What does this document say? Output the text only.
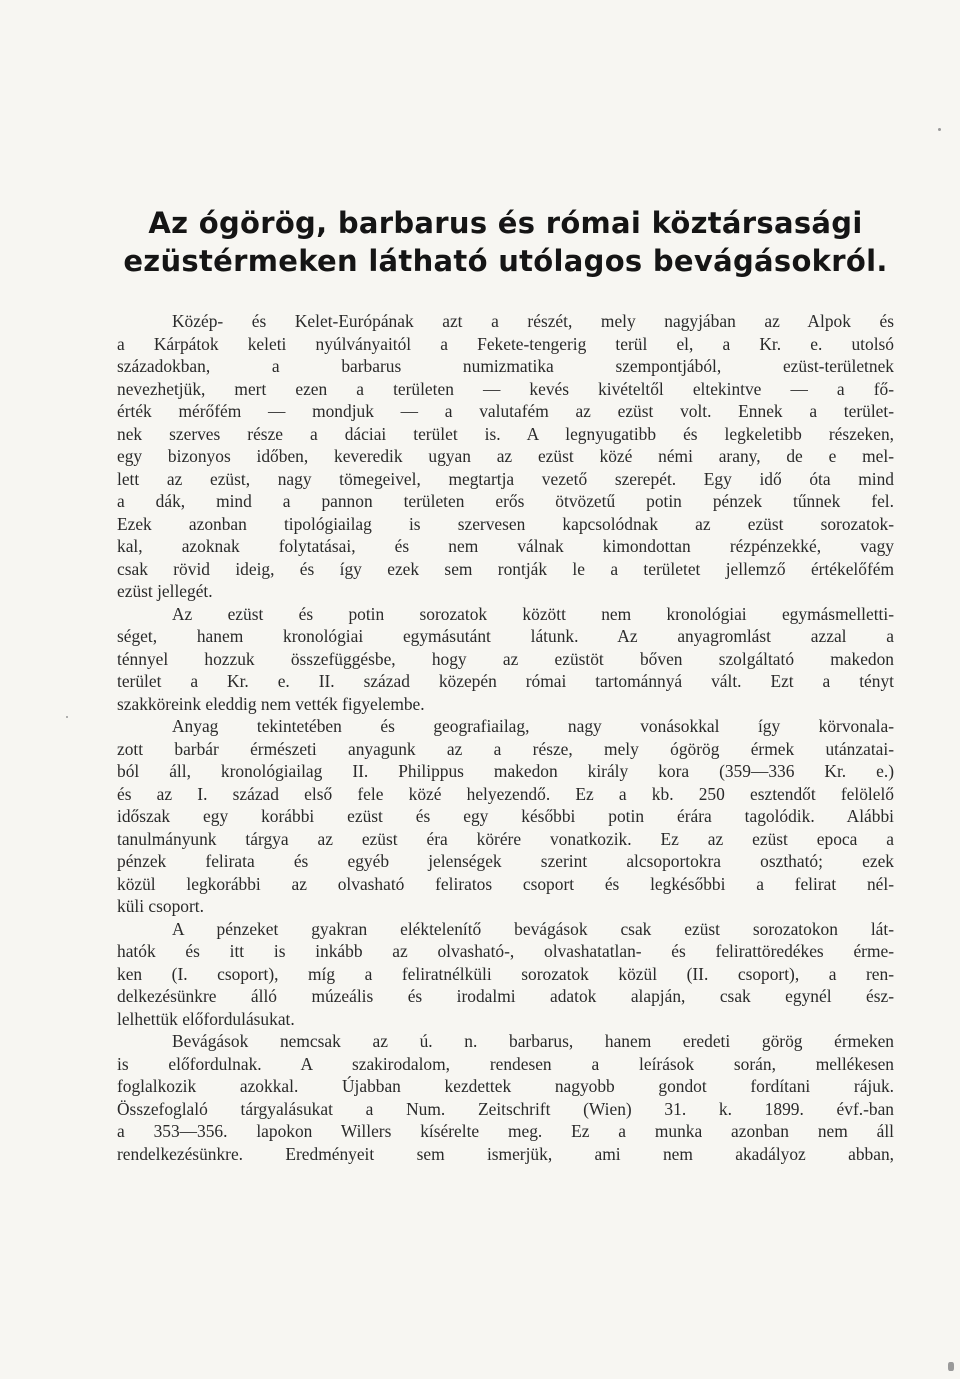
Az ógörög, barbarus és római köztársasági
ezüstérmeken látható utólagos bevágásokról.
Közép- és Kelet-Európának azt a részét, mely nagyjában az Alpok és
a Kárpátok keleti nyúlványaitól a Fekete-tengerig terül el, a Kr. e. utolsó
századokban, a barbarus numizmatika szempontjából, ezüst-területnek
nevezhetjük, mert ezen a területen — kevés kivételtől eltekintve — a fő-
érték mérőfém — mondjuk — a valutafém az ezüst volt. Ennek a terület-
nek szerves része a dáciai terület is. A legnyugatibb és legkeletibb részeken,
egy bizonyos időben, keveredik ugyan az ezüst közé némi arany, de e mel-
lett az ezüst, nagy tömegeivel, megtartja vezető szerepét. Egy idő óta mind
a dák, mind a pannon területen erős ötvözetű potin pénzek tűnnek fel.
Ezek azonban tipológiailag is szervesen kapcsolódnak az ezüst sorozatok-
kal, azoknak folytatásai, és nem válnak kimondottan rézpénzekké, vagy
csak rövid ideig, és így ezek sem rontják le a területet jellemző értékelőfém
ezüst jellegét.
Az ezüst és potin sorozatok között nem kronológiai egymásmelletti-
séget, hanem kronológiai egymásutánt látunk. Az anyagromlást azzal a
ténnyel hozzuk összefüggésbe, hogy az ezüstöt bőven szolgáltató makedon
terület a Kr. e. II. század közepén római tartománnyá vált. Ezt a tényt
szakköreink eleddig nem vették figyelembe.
Anyag tekintetében és geografiailag, nagy vonásokkal így körvonala-
zott barbár érmészeti anyagunk az a része, mely ógörög érmek utánzatai-
ból áll, kronológiailag II. Philippus makedon király kora (359—336 Kr. e.)
és az I. század első fele közé helyezendő. Ez a kb. 250 esztendőt felölelő
időszak egy korábbi ezüst és egy későbbi potin érára tagolódik. Alábbi
tanulmányunk tárgya az ezüst éra körére vonatkozik. Ez az ezüst epoca a
pénzek felirata és egyéb jelenségek szerint alcsoportokra osztható; ezek
közül legkorábbi az olvasható feliratos csoport és legkésőbbi a felirat nél-
küli csoport.
A pénzeket gyakran eléktelenítő bevágások csak ezüst sorozatokon lát-
hatók és itt is inkább az olvasható-, olvashatatlan- és felirattöredékes érme-
ken (I. csoport), míg a feliratnélküli sorozatok közül (II. csoport), a ren-
delkezésünkre álló múzeális és irodalmi adatok alapján, csak egynél ész-
lelhettük előfordulásukat.
Bevágások nemcsak az ú. n. barbarus, hanem eredeti görög érmeken
is előfordulnak. A szakirodalom, rendesen a leírások során, mellékesen
foglalkozik azokkal. Újabban kezdettek nagyobb gondot fordítani rájuk.
Összefoglaló tárgyalásukat a Num. Zeitschrift (Wien) 31. k. 1899. évf.-ban
a 353—356. lapokon Willers kísérelte meg. Ez a munka azonban nem áll
rendelkezésünkre. Eredményeit sem ismerjük, ami nem akadályoz abban,
